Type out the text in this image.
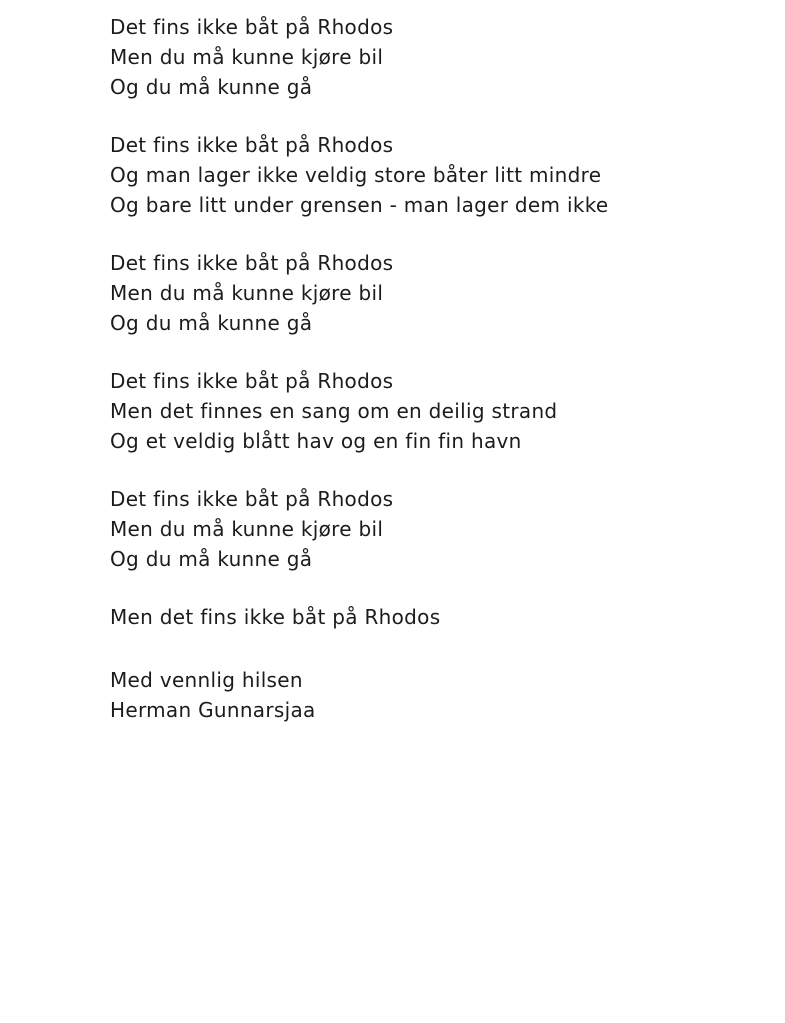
Det fins ikke båt på Rhodos

Men du må kunne kjøre bil

Og du må kunne gå

Det fins ikke båt på Rhodos

Og man lager ikke veldig store båter litt mindre

Og bare litt under grensen - man lager dem ikke

Det fins ikke båt på Rhodos

Men du må kunne kjøre bil

Og du må kunne gå

Det fins ikke båt på Rhodos

Men det finnes en sang om en deilig strand

Og et veldig blått hav og en fin fin havn

Det fins ikke båt på Rhodos

Men du må kunne kjøre bil

Og du må kunne gå

Men det fins ikke båt på Rhodos

Med vennlig hilsen

Herman Gunnarsjaa
